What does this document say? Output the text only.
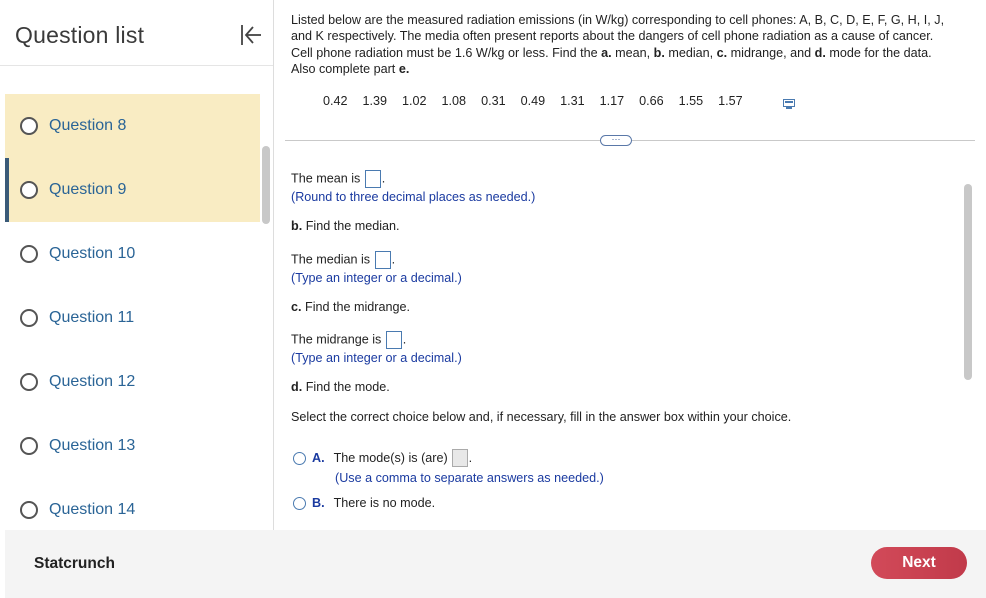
Question list
Question 8
Question 9
Question 10
Question 11
Question 12
Question 13
Question 14
Listed below are the measured radiation emissions (in W/kg) corresponding to cell phones: A, B, C, D, E, F, G, H, I, J,
and K respectively. The media often present reports about the dangers of cell phone radiation as a cause of cancer.
Cell phone radiation must be 1.6 W/kg or less. Find the a. mean, b. median, c. midrange, and d. mode for the data.
Also complete part e.
0.42 1.39 1.02 1.08 0.31 0.49 1.31 1.17 0.66 1.55 1.57
···
The mean is .
(Round to three decimal places as needed.)
b. Find the median.
The median is .
(Type an integer or a decimal.)
c. Find the midrange.
The midrange is .
(Type an integer or a decimal.)
d. Find the mode.
Select the correct choice below and, if necessary, fill in the answer box within your choice.
A. The mode(s) is (are) .
(Use a comma to separate answers as needed.)
B. There is no mode.
Statcrunch	Next
